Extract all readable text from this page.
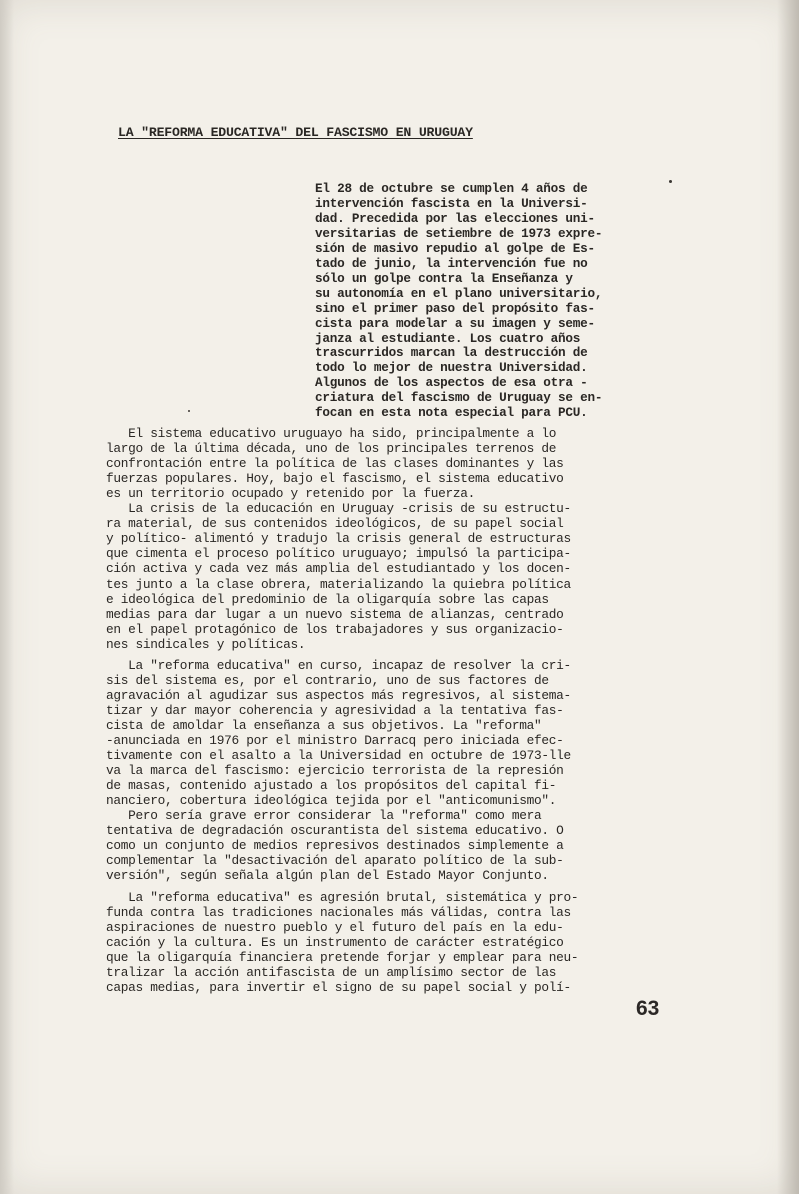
LA "REFORMA EDUCATIVA" DEL FASCISMO EN URUGUAY
El 28 de octubre se cumplen 4 años de
intervención fascista en la Universi-
dad. Precedida por las elecciones uni-
versitarias de setiembre de 1973 expre-
sión de masivo repudio al golpe de Es-
tado de junio, la intervención fue no
sólo un golpe contra la Enseñanza y
su autonomía en el plano universitario,
sino el primer paso del propósito fas-
cista para modelar a su imagen y seme-
janza al estudiante. Los cuatro años
trascurridos marcan la destrucción de
todo lo mejor de nuestra Universidad.
Algunos de los aspectos de esa otra -
criatura del fascismo de Uruguay se en-
focan en esta nota especial para PCU.
El sistema educativo uruguayo ha sido, principalmente a lo
largo de la última década, uno de los principales terrenos de
confrontación entre la política de las clases dominantes y las
fuerzas populares. Hoy, bajo el fascismo, el sistema educativo
es un territorio ocupado y retenido por la fuerza.
La crisis de la educación en Uruguay -crisis de su estructu-
ra material, de sus contenidos ideológicos, de su papel social
y político- alimentó y tradujo la crisis general de estructuras
que cimenta el proceso político uruguayo; impulsó la participa-
ción activa y cada vez más amplia del estudiantado y los docen-
tes junto a la clase obrera, materializando la quiebra política
e ideológica del predominio de la oligarquía sobre las capas
medias para dar lugar a un nuevo sistema de alianzas, centrado
en el papel protagónico de los trabajadores y sus organizacio-
nes sindicales y políticas.
La "reforma educativa" en curso, incapaz de resolver la cri-
sis del sistema es, por el contrario, uno de sus factores de
agravación al agudizar sus aspectos más regresivos, al sistema-
tizar y dar mayor coherencia y agresividad a la tentativa fas-
cista de amoldar la enseñanza a sus objetivos. La "reforma"
-anunciada en 1976 por el ministro Darracq pero iniciada efec-
tivamente con el asalto a la Universidad en octubre de 1973-lle
va la marca del fascismo: ejercicio terrorista de la represión
de masas, contenido ajustado a los propósitos del capital fi-
nanciero, cobertura ideológica tejida por el "anticomunismo".
Pero sería grave error considerar la "reforma" como mera
tentativa de degradación oscurantista del sistema educativo. O
como un conjunto de medios represivos destinados simplemente a
complementar la "desactivación del aparato político de la sub-
versión", según señala algún plan del Estado Mayor Conjunto.
La "reforma educativa" es agresión brutal, sistemática y pro-
funda contra las tradiciones nacionales más válidas, contra las
aspiraciones de nuestro pueblo y el futuro del país en la edu-
cación y la cultura. Es un instrumento de carácter estratégico
que la oligarquía financiera pretende forjar y emplear para neu-
tralizar la acción antifascista de un amplísimo sector de las
capas medias, para invertir el signo de su papel social y polí-
63
